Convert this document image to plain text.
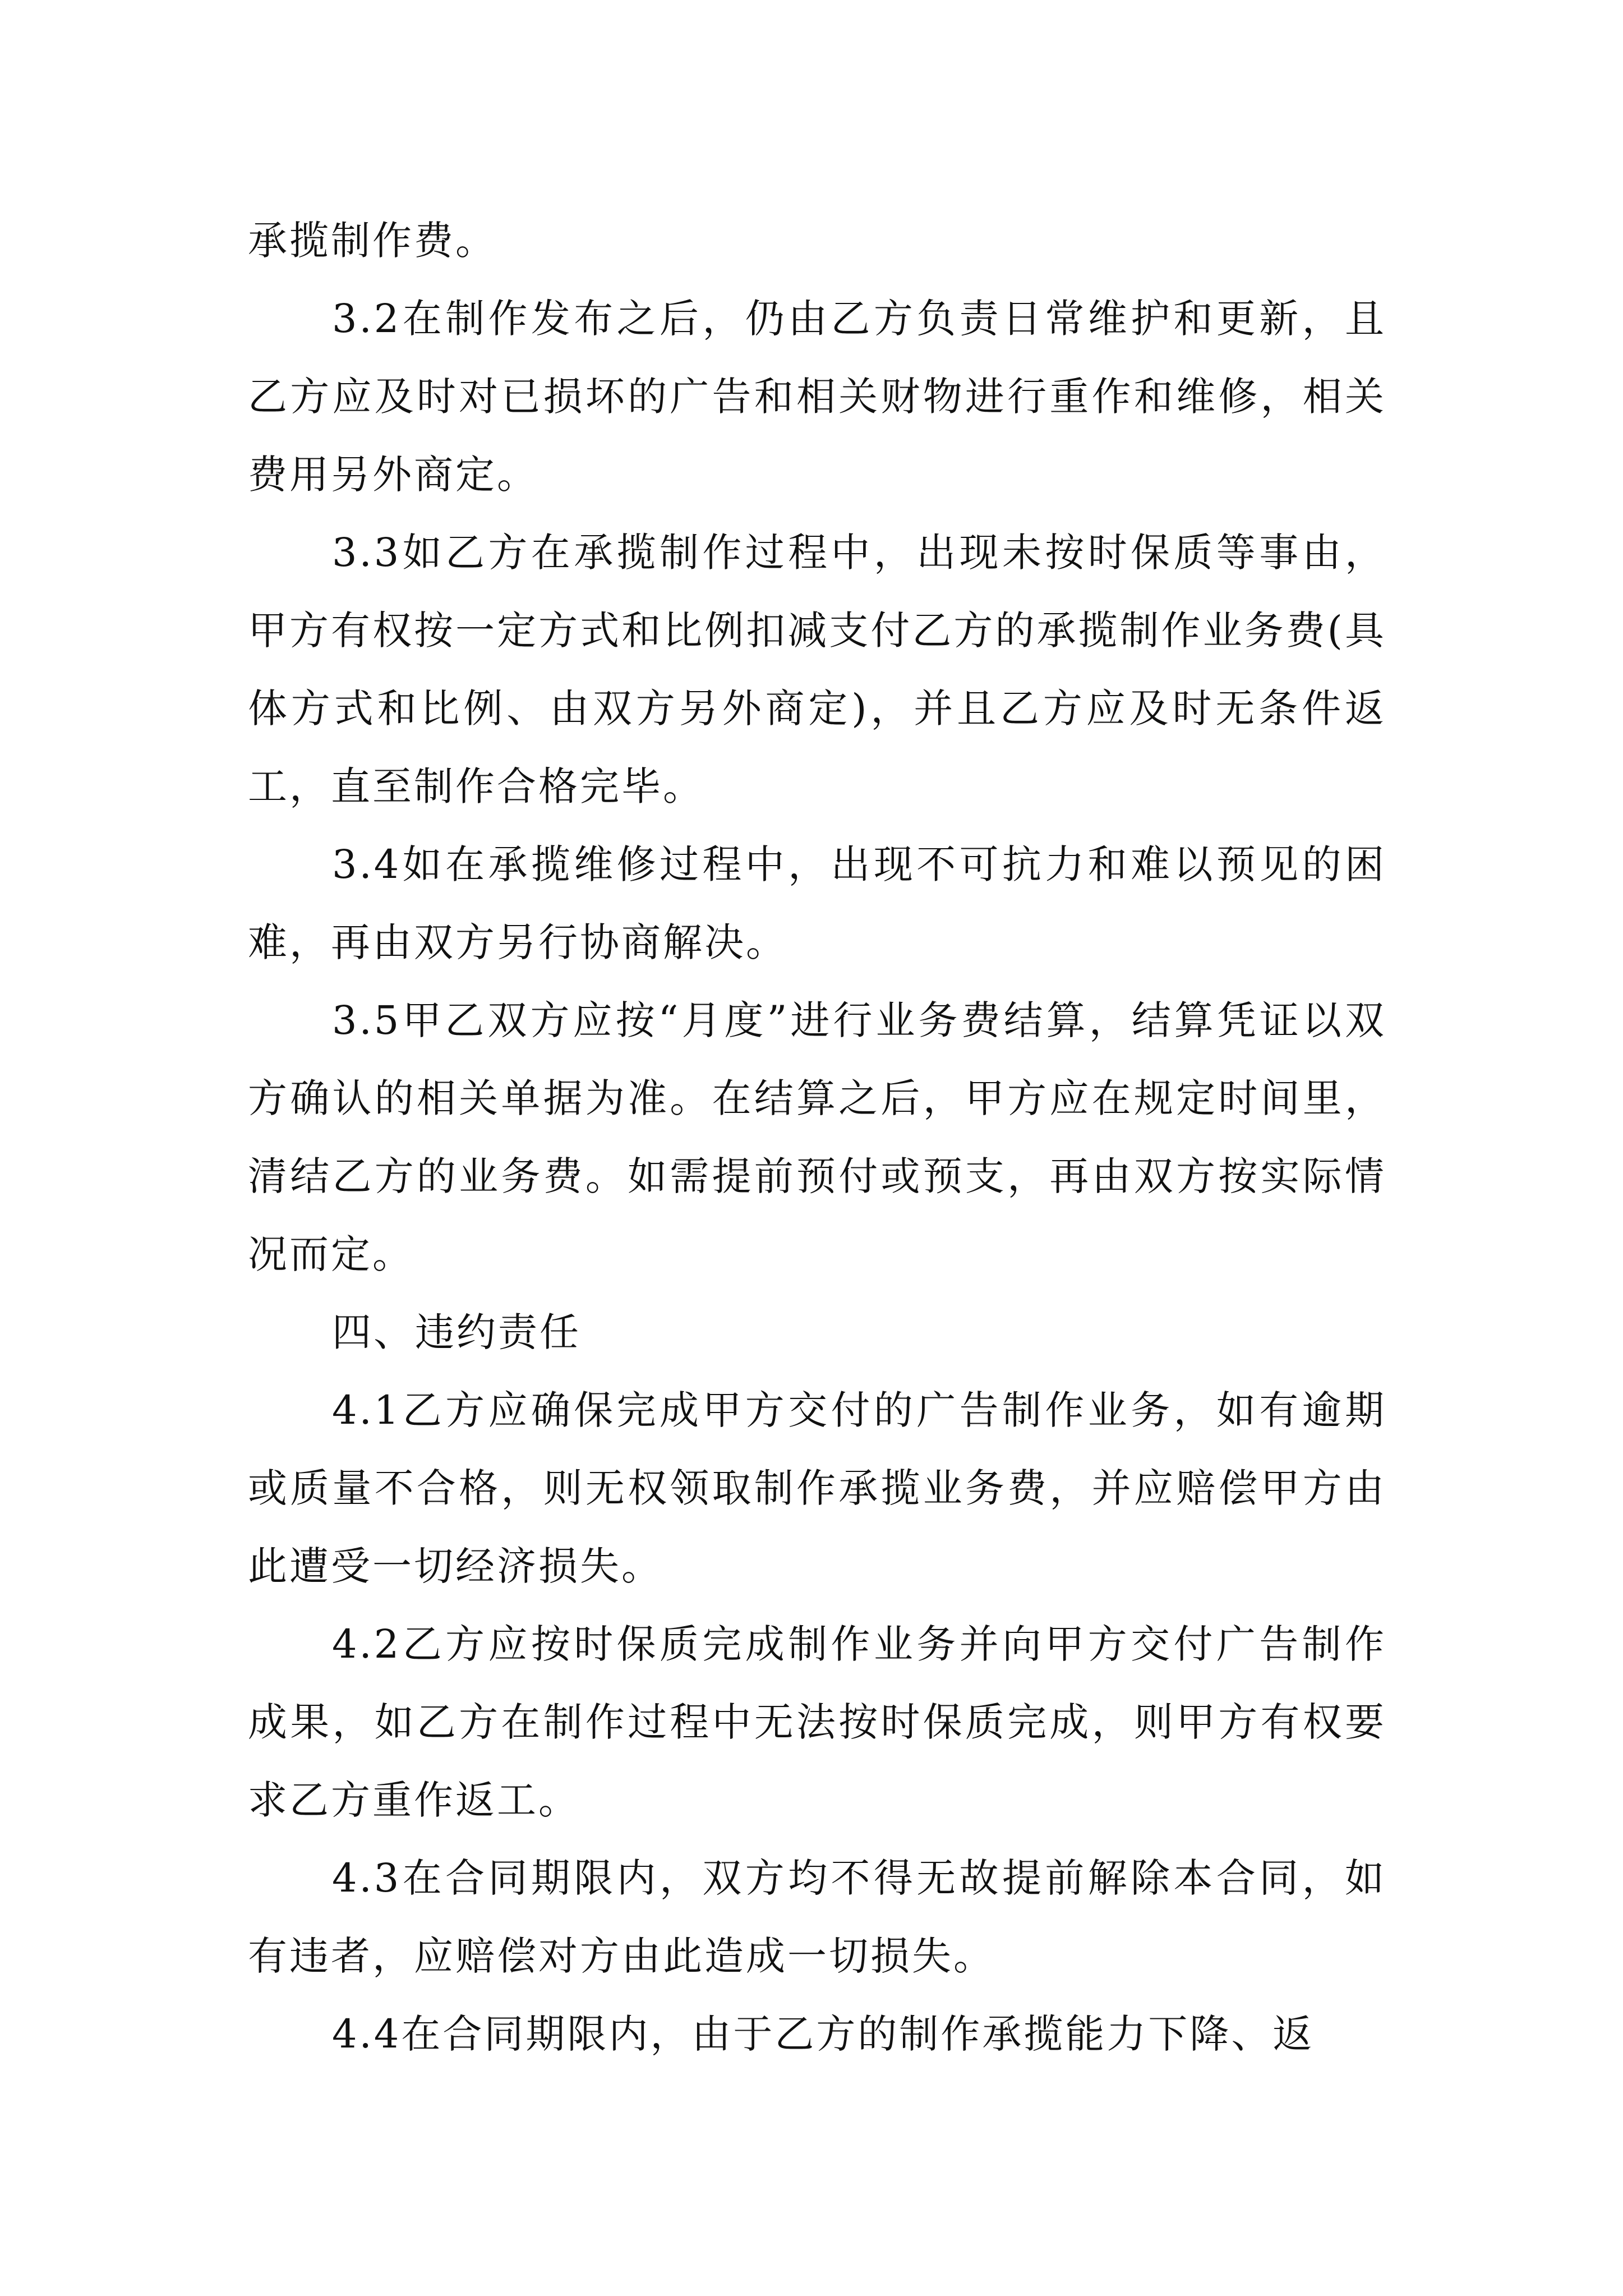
承揽制作费。

3.2在制作发布之后，仍由乙方负责日常维护和更新，且乙方应及时对已损坏的广告和相关财物进行重作和维修，相关费用另外商定。

3.3如乙方在承揽制作过程中，出现未按时保质等事由，甲方有权按一定方式和比例扣减支付乙方的承揽制作业务费(具体方式和比例、由双方另外商定)，并且乙方应及时无条件返工，直至制作合格完毕。

3.4如在承揽维修过程中，出现不可抗力和难以预见的困难，再由双方另行协商解决。

3.5甲乙双方应按“月度”进行业务费结算，结算凭证以双方确认的相关单据为准。在结算之后，甲方应在规定时间里，清结乙方的业务费。如需提前预付或预支，再由双方按实际情况而定。

四、违约责任

4.1乙方应确保完成甲方交付的广告制作业务，如有逾期或质量不合格，则无权领取制作承揽业务费，并应赔偿甲方由此遭受一切经济损失。

4.2乙方应按时保质完成制作业务并向甲方交付广告制作成果，如乙方在制作过程中无法按时保质完成，则甲方有权要求乙方重作返工。

4.3在合同期限内，双方均不得无故提前解除本合同，如有违者，应赔偿对方由此造成一切损失。

4.4在合同期限内，由于乙方的制作承揽能力下降、返
